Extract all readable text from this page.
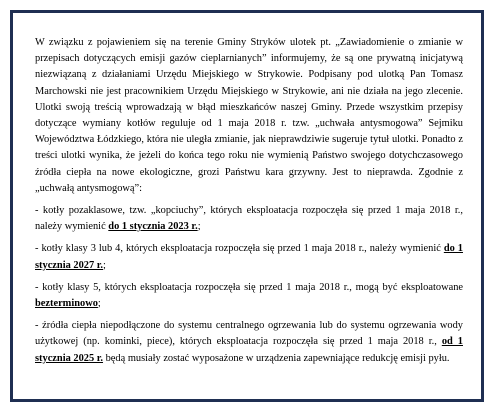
W związku z pojawieniem się na terenie Gminy Stryków ulotek pt. „Zawiadomienie o zmianie w przepisach dotyczących emisji gazów cieplarnianych” informujemy, że są one prywatną inicjatywą niezwiązaną z działaniami Urzędu Miejskiego w Strykowie. Podpisany pod ulotką Pan Tomasz Marchowski nie jest pracownikiem Urzędu Miejskiego w Strykowie, ani nie działa na jego zlecenie. Ulotki swoją treścią wprowadzają w błąd mieszkańców naszej Gminy. Przede wszystkim przepisy dotyczące wymiany kotłów reguluje od 1 maja 2018 r. tzw. „uchwała antysmogowa” Sejmiku Województwa Łódzkiego, która nie uległa zmianie, jak nieprawdziwie sugeruje tytuł ulotki. Ponadto z treści ulotki wynika, że jeżeli do końca tego roku nie wymienią Państwo swojego dotychczasowego źródła ciepła na nowe ekologiczne, grozi Państwu kara grzywny. Jest to nieprawda. Zgodnie z „uchwałą antysmogową”:

- kotły pozaklasowe, tzw. „kopciuchy”, których eksploatacja rozpoczęła się przed 1 maja 2018 r., należy wymienić do 1 stycznia 2023 r.;

- kotły klasy 3 lub 4, których eksploatacja rozpoczęła się przed 1 maja 2018 r., należy wymienić do 1 stycznia 2027 r.;

- kotły klasy 5, których eksploatacja rozpoczęła się przed 1 maja 2018 r., mogą być eksploatowane bezterminowo;

- źródła ciepła niepodłączone do systemu centralnego ogrzewania lub do systemu ogrzewania wody użytkowej (np. kominki, piece), których eksploatacja rozpoczęła się przed 1 maja 2018 r., od 1 stycznia 2025 r. będą musiały zostać wyposażone w urządzenia zapewniające redukcję emisji pyłu.
